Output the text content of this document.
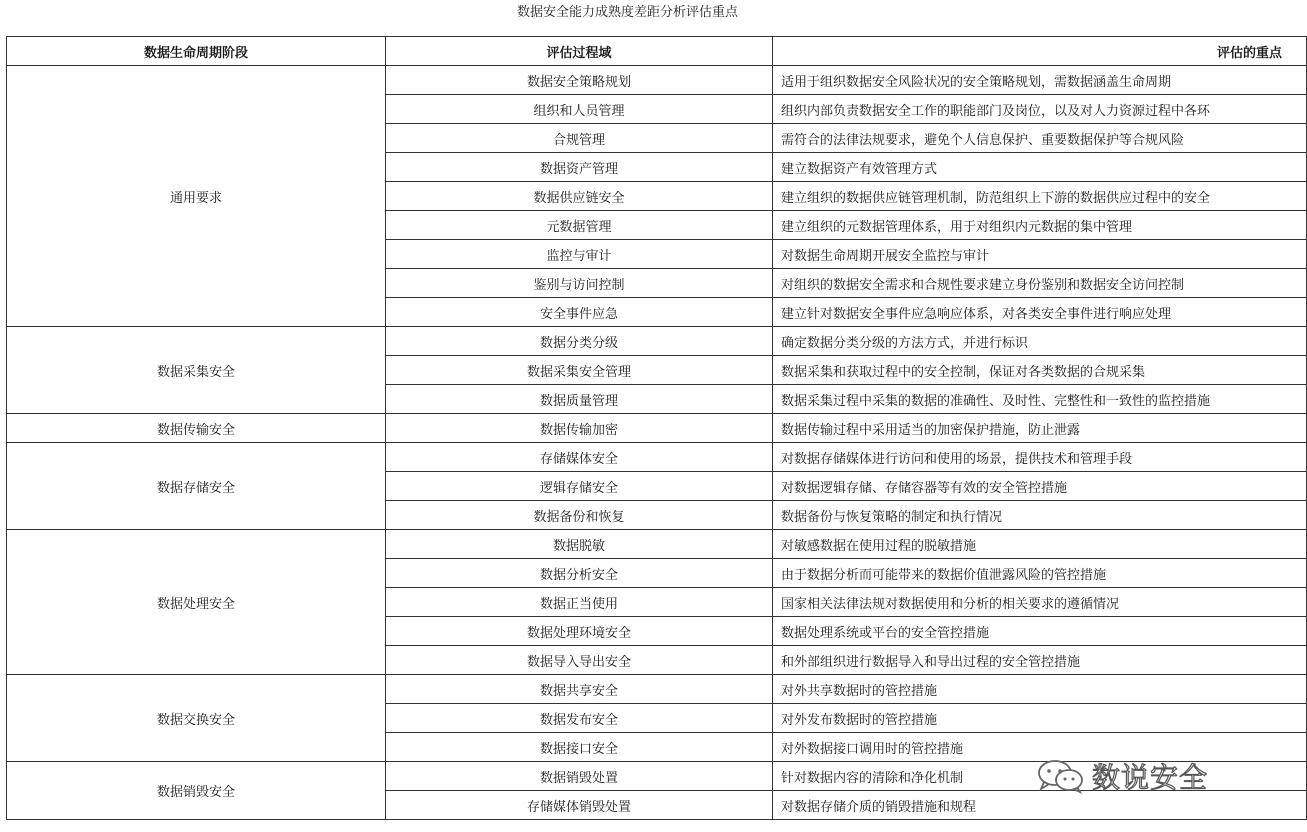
数据安全能力成熟度差距分析评估重点
数据生命周期阶段	评估过程域	评估的重点
通用要求	数据安全策略规划	适用于组织数据安全风险状况的安全策略规划，需数据涵盖生命周期
	组织和人员管理	组织内部负责数据安全工作的职能部门及岗位，以及对人力资源过程中各环
	合规管理	需符合的法律法规要求，避免个人信息保护、重要数据保护等合规风险
	数据资产管理	建立数据资产有效管理方式
	数据供应链安全	建立组织的数据供应链管理机制，防范组织上下游的数据供应过程中的安全
	元数据管理	建立组织的元数据管理体系，用于对组织内元数据的集中管理
	监控与审计	对数据生命周期开展安全监控与审计
	鉴别与访问控制	对组织的数据安全需求和合规性要求建立身份鉴别和数据安全访问控制
	安全事件应急	建立针对数据安全事件应急响应体系，对各类安全事件进行响应处理
数据采集安全	数据分类分级	确定数据分类分级的方法方式，并进行标识
	数据采集安全管理	数据采集和获取过程中的安全控制，保证对各类数据的合规采集
	数据质量管理	数据采集过程中采集的数据的准确性、及时性、完整性和一致性的监控措施
数据传输安全	数据传输加密	数据传输过程中采用适当的加密保护措施，防止泄露
数据存储安全	存储媒体安全	对数据存储媒体进行访问和使用的场景，提供技术和管理手段
	逻辑存储安全	对数据逻辑存储、存储容器等有效的安全管控措施
	数据备份和恢复	数据备份与恢复策略的制定和执行情况
数据处理安全	数据脱敏	对敏感数据在使用过程的脱敏措施
	数据分析安全	由于数据分析而可能带来的数据价值泄露风险的管控措施
	数据正当使用	国家相关法律法规对数据使用和分析的相关要求的遵循情况
	数据处理环境安全	数据处理系统或平台的安全管控措施
	数据导入导出安全	和外部组织进行数据导入和导出过程的安全管控措施
数据交换安全	数据共享安全	对外共享数据时的管控措施
	数据发布安全	对外发布数据时的管控措施
	数据接口安全	对外数据接口调用时的管控措施
数据销毁安全	数据销毁处置	针对数据内容的清除和净化机制
	存储媒体销毁处置	对数据存储介质的销毁措施和规程
数说安全
